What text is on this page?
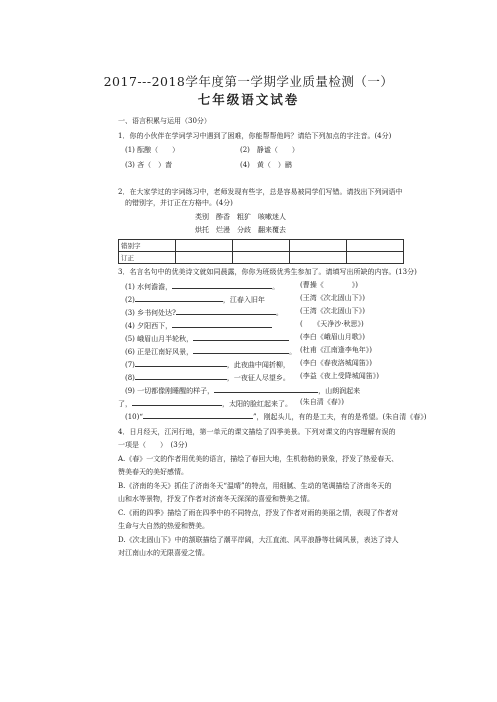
2017---2018学年度第一学期学业质量检测（一）
七年级语文试卷
一、语言积累与运用（30分）
1．你的小伙伴在学词学习中遇到了困难，你能帮帮他吗？请给下列加点的字注音。(4分)
(1) 酝酿（　　）	(2)　静谧（　　）
(3) 吝（　）啬	(4)　黄（　）鹂
2．在大家学过的字词练习中，老师发现有些字，总是容易被同学们写错。请找出下列词语中
的错别字，并订正在方格中。(4分)
类别　酢香　粗犷　咳嗽迷人
烘托　烂漫　分歧　翻来覆去
错别字				
订正				
3．名言名句中的优美诗文就如同晨露，你你为班级优秀生参加了。请填写出所缺的内容。(13分)
(1) 水何澹澹，	。	(曹操《　　　　》)
(2)	，江春入旧年	(王湾《次北固山下》)
(3) 乡书何处达?	。 (王湾《次北固山下》)
(4) 夕阳西下，	(　　《天净沙·秋思》)
(5) 峨眉山月半轮秋，	(李白《峨眉山月歌》)
(6) 正是江南好风景，	。 (杜甫《江南逢李龟年》)
(7)	，此夜曲中闻折柳， (李白《春夜洛城闻笛》)
(8)	，一夜征人尽望乡。 (李益《夜上受降城闻笛》)
(9) 一切都像刚睡醒的样子，	，山朗润起来
了，	，太阳的脸红起来了。 (朱自清《春》)
(10)“	”，刚起头儿，有的是工夫，有的是希望。(朱自清《春》)
4．日月经天，江河行地，第一单元的课文描绘了四季美景。下列对课文的内容理解有误的
一项是（　　）　(3分)
A.《春》一文的作者用优美的语言，描绘了春回大地，生机勃勃的景象，抒发了热爱春天、
赞美春天的美好感情。
B.《济南的冬天》抓住了济南冬天“温晴”的特点，用细腻、生动的笔调描绘了济南冬天的
山和水等景物，抒发了作者对济南冬天深深的喜爱和赞美之情。
C.《雨的四季》描绘了雨在四季中的不同特点，抒发了作者对雨的美丽之情，表现了作者对
生命与大自然的热爱和赞美。
D.《次北固山下》中的颔联描绘了潮平岸阔，大江直流、风平浪静等壮阔风景，表达了诗人
对江南山水的无限喜爱之情。
